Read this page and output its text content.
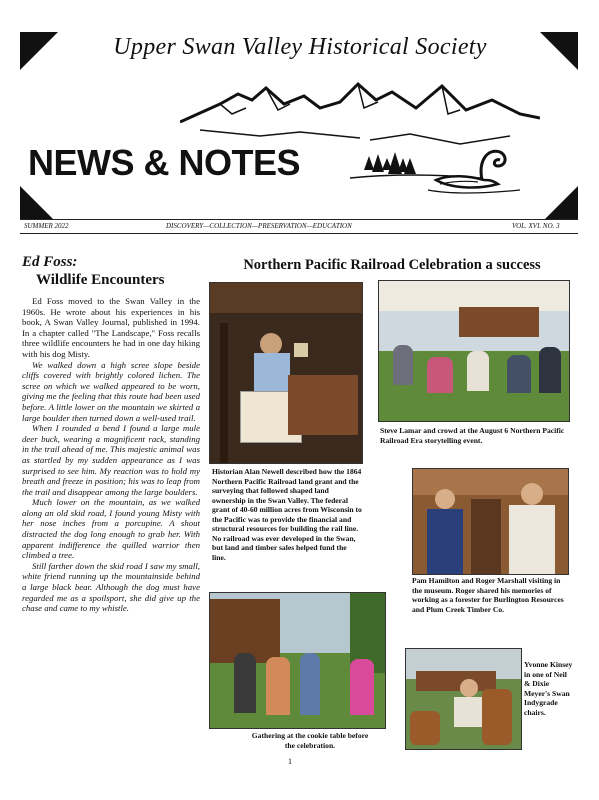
Upper Swan Valley Historical Society
NEWS & NOTES
SUMMER 2022	DISCOVERY—COLLECTION—PRESERVATION—EDUCATION	VOL. XVI. NO. 3
Ed Foss:
Wildlife Encounters

Ed Foss moved to the Swan Valley in the 1960s. He wrote about his experiences in his book, A Swan Valley Journal, published in 1994. In a chapter called "The Landscape," Foss recalls three wildlife encounters he had in one day hiking with his dog Misty.

We walked down a high scree slope beside cliffs covered with brightly colored lichen. The scree on which we walked appeared to be worn, giving me the feeling that this route had been used before. A little lower on the mountain we skirted a large boulder then turned down a well-used trail.

When I rounded a bend I found a large mule deer buck, wearing a magnificent rack, standing in the trail ahead of me. This majestic animal was as startled by my sudden appearance as I was surprised to see him. My reaction was to hold my breath and freeze in position; his was to leap from the trail and disappear among the large boulders.

Much lower on the mountain, as we walked along an old skid road, I found young Misty with her nose inches from a porcupine. A shout distracted the dog long enough to grab her. With apparent indifference the quilled warrior then climbed a tree.

Still farther down the skid road I saw my small, white friend running up the mountainside behind a large black bear. Although the dog must have regarded me as a spoilsport, she did give up the chase and came to my whistle.

Northern Pacific Railroad Celebration a success
Steve Lamar and crowd at the August 6 Northern Pacific Railroad Era storytelling event.
Historian Alan Newell described how the 1864 Northern Pacific Railroad land grant and the surveying that followed shaped land ownership in the Swan Valley. The federal grant of 40-60 million acres from Wisconsin to the Pacific was to provide the financial and structural resources for building the rail line. No railroad was ever developed in the Swan, but land and timber sales helped fund the line.
Pam Hamilton and Roger Marshall visiting in the museum. Roger shared his memories of working as a forester for Burlington Resources and Plum Creek Timber Co.
Gathering at the cookie table before the celebration.
Yvonne Kinsey in one of Neil & Dixie Meyer's Swan Indygrade chairs.
1
